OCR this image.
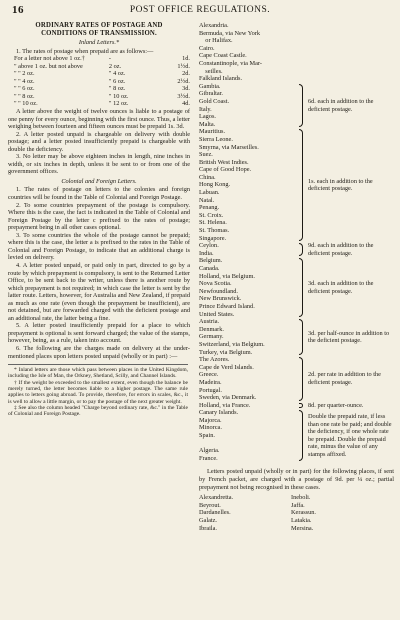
16	POST OFFICE REGULATIONS.
ORDINARY RATES OF POSTAGE AND
CONDITIONS OF TRANSMISSION.
Inland Letters.*

1. The rates of postage when prepaid are as follows:—

For a letter not above 1 oz.†	-	1d.
" above 1 oz. but not above	2 oz.	1½d.
" " 2 oz.	" 4 oz.	2d.
" " 4 oz.	" 6 oz.	2½d.
" " 6 oz.	" 8 oz.	3d.
" " 8 oz.	" 10 oz.	3½d.
" " 10 oz.	" 12 oz.	4d.

A letter above the weight of twelve ounces is liable to a postage of one penny for every ounce, beginning with the first ounce. Thus, a letter weighing between fourteen and fifteen ounces must be prepaid 1s. 3d.

2. A letter posted unpaid is chargeable on delivery with double postage; and a letter posted insufficiently prepaid is chargeable with double the deficiency.

3. No letter may be above eighteen inches in length, nine inches in width, or six inches in depth, unless it be sent to or from one of the government offices.

Colonial and Foreign Letters.

1. The rates of postage on letters to the colonies and foreign countries will be found in the Table of Colonial and Foreign Postage.

2. To some countries prepayment of the postage is compulsory. Where this is the case, the fact is indicated in the Table of Colonial and Foreign Postage by the letter c prefixed to the rates of postage; prepayment being in all other cases optional.

3. To some countries the whole of the postage cannot be prepaid; where this is the case, the letter a is prefixed to the rates in the Table of Colonial and Foreign Postage, to indicate that an additional charge is levied on delivery.

4. A letter posted unpaid, or paid only in part, directed to go by a route by which prepayment is compulsory, is sent to the Returned Letter Office, to be sent back to the writer, unless there is another route by which prepayment is not required; in which case the letter is sent by the latter route. Letters, however, for Australia and New Zealand, if prepaid as much as one rate (even though the prepayment be insufficient), are not detained, but are forwarded charged with the deficient postage and an additional rate, the latter being a fine.

5. A letter posted insufficiently prepaid for a place to which prepayment is optional is sent forward charged; the value of the stamps, however, being, as a rule, taken into account.

6. The following are the charges made on delivery at the under-mentioned places upon letters posted unpaid (wholly or in part) :—

* Inland letters are those which pass between places in the United Kingdom, including the Isle of Man, the Orkney, Shetland, Scilly, and Channel Islands.

† If the weight be exceeded to the smallest extent, even though the balance be merely turned, the letter becomes liable to a higher postage. The same rule applies to letters going abroad. To provide, therefore, for errors in scales, &c., it is well to allow a little margin, or to pay the postage of the next greater weight.

‡ See also the column headed "Charge beyond ordinary rate, &c." in the Table of Colonial and Foreign Postage.

Alexandria.
Bermuda, via New York
or Halifax.
Cairo.
Cape Coast Castle.
Constantinople, via Mar-
seilles.
Falkland Islands.
Gambia.
Gibraltar.
Gold Coast.
Italy.
Lagos.
Malta.
6d. each in addition to the deficient postage.
Mauritius.
Sierra Leone.
Smyrna, via Marseilles.
Suez.
British West Indies.
Cape of Good Hope.
China.
Hong Kong.
Labuan.
Natal.
Penang.
St. Croix.
St. Helena.
St. Thomas.
Singapore.
1s. each in addition to the deficient postage.
Ceylon.
India.
9d. each in addition to the deficient postage.
Belgium.
Canada.
Holland, via Belgium.
Nova Scotia.
Newfoundland.
New Brunswick.
Prince Edward Island.
United States.
3d. each in addition to the deficient postage.
Austria.
Denmark.
Germany.
Switzerland, via Belgium.
Turkey, via Belgium.
3d. per half-ounce in addition to the deficient postage.
The Azores.
Cape de Verd Islands.
Greece.
Madeira.
Portugal.
Sweden, via Denmark.
2d. per rate in addition to the deficient postage.
Holland, via France.	8d. per quarter-ounce.
Canary Islands.
Majorca.
Minorca.
Spain.

Algeria.
France.
Double the prepaid rate, if less than one rate be paid; and double the deficiency, if one whole rate be prepaid. Double the prepaid rate, minus the value of any stamps affixed.

Letters posted unpaid (wholly or in part) for the following places, if sent by French packet, are charged with a postage of 9d. per ¼ oz.; partial prepayment not being recognised in these cases.

Alexandretta.
Beyrout.
Dardanelles.
Galatz.
Ibraila.
Ineboli.
Jaffa.
Kerassun.
Latakia.
Mersina.
